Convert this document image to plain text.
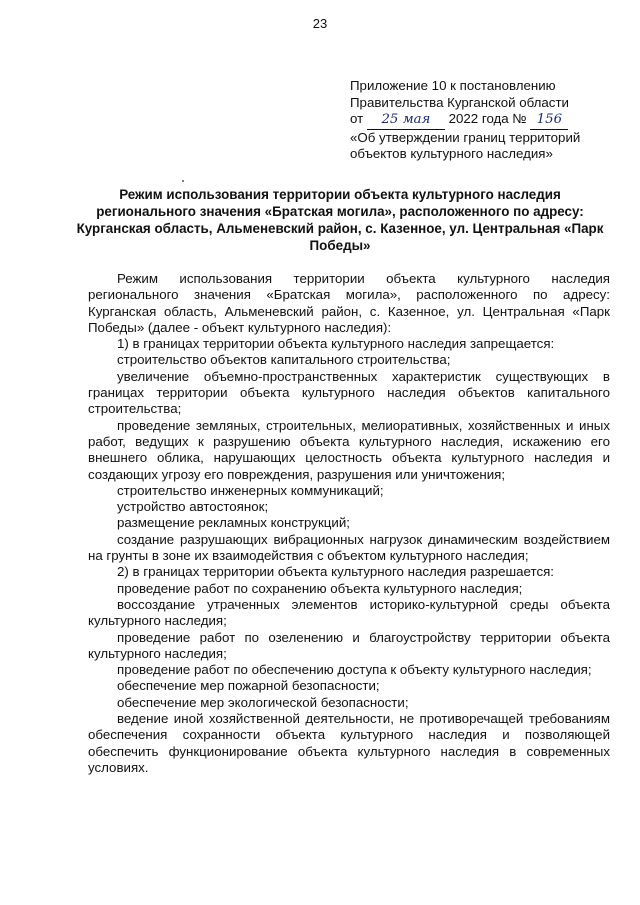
23
Приложение 10 к постановлению
Правительства Курганской области
от 25 мая 2022 года № 156
«Об утверждении границ территорий
объектов культурного наследия»
Режим использования территории объекта культурного наследия регионального значения «Братская могила», расположенного по адресу: Курганская область, Альменевский район, с. Казенное, ул. Центральная «Парк Победы»

Режим использования территории объекта культурного наследия регионального значения «Братская могила», расположенного по адресу: Курганская область, Альменевский район, с. Казенное, ул. Центральная «Парк Победы» (далее - объект культурного наследия):

1) в границах территории объекта культурного наследия запрещается:

строительство объектов капитального строительства;

увеличение объемно-пространственных характеристик существующих в границах территории объекта культурного наследия объектов капитального строительства;

проведение земляных, строительных, мелиоративных, хозяйственных и иных работ, ведущих к разрушению объекта культурного наследия, искажению его внешнего облика, нарушающих целостность объекта культурного наследия и создающих угрозу его повреждения, разрушения или уничтожения;

строительство инженерных коммуникаций;

устройство автостоянок;

размещение рекламных конструкций;

создание разрушающих вибрационных нагрузок динамическим воздействием на грунты в зоне их взаимодействия с объектом культурного наследия;

2) в границах территории объекта культурного наследия разрешается:

проведение работ по сохранению объекта культурного наследия;

воссоздание утраченных элементов историко-культурной среды объекта культурного наследия;

проведение работ по озеленению и благоустройству территории объекта культурного наследия;

проведение работ по обеспечению доступа к объекту культурного наследия;

обеспечение мер пожарной безопасности;

обеспечение мер экологической безопасности;

ведение иной хозяйственной деятельности, не противоречащей требованиям обеспечения сохранности объекта культурного наследия и позволяющей обеспечить функционирование объекта культурного наследия в современных условиях.
